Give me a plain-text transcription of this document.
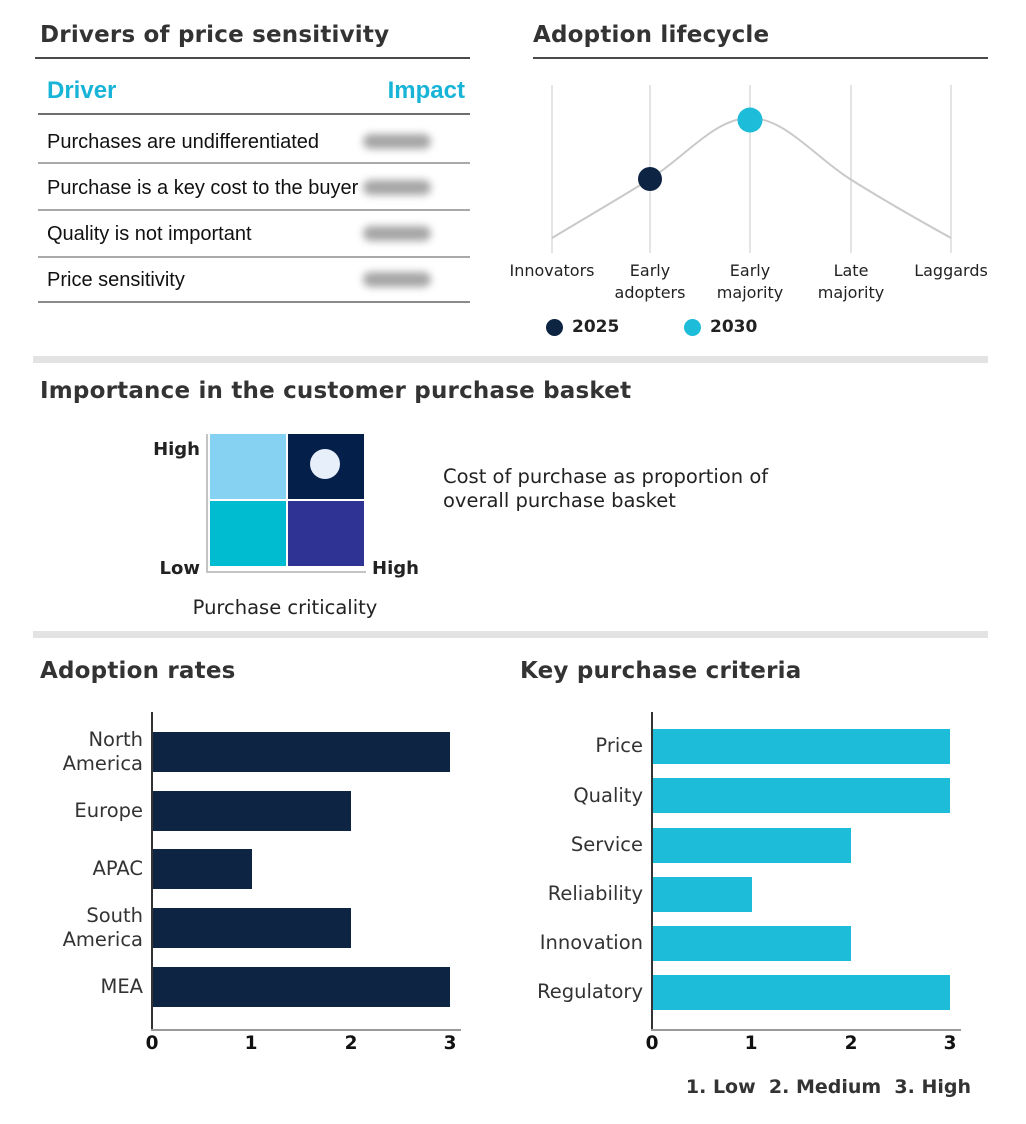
Drivers of price sensitivity
Driver	Impact
Purchases are undifferentiated
Purchase is a key cost to the buyer
Quality is not important
Price sensitivity
Adoption lifecycle
Innovators	Early
adopters
Early
majority
Late
majority
Laggards
2025	2030
Importance in the customer purchase basket
High
Low	High
Purchase criticality
Cost of purchase as proportion of overall purchase basket
Adoption rates
North
America
Europe
APAC
South
America
MEA
0	1	2	3
Key purchase criteria
Price
Quality
Service
Reliability
Innovation
Regulatory
0	1	2	3
1. Low  2. Medium  3. High
